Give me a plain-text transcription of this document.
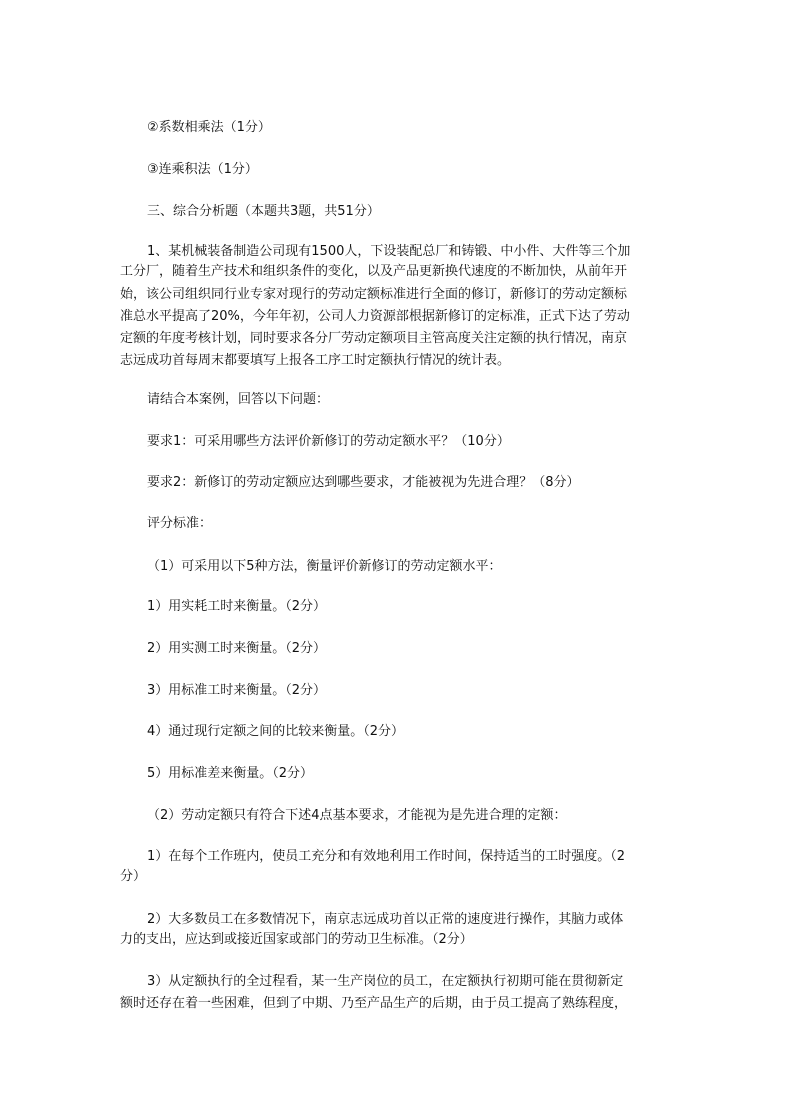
②系数相乘法（1分）
③连乘积法（1分）
三、综合分析题（本题共3题，共51分）
1、某机械装备制造公司现有1500人，下设装配总厂和铸锻、中小件、大件等三个加
工分厂，随着生产技术和组织条件的变化，以及产品更新换代速度的不断加快，从前年开
始，该公司组织同行业专家对现行的劳动定额标准进行全面的修订，新修订的劳动定额标
准总水平提高了20%，今年年初，公司人力资源部根据新修订的定标准，正式下达了劳动
定额的年度考核计划，同时要求各分厂劳动定额项目主管高度关注定额的执行情况，南京
志远成功首每周末都要填写上报各工序工时定额执行情况的统计表。
请结合本案例，回答以下问题：
要求1：可采用哪些方法评价新修订的劳动定额水平？（10分）
要求2：新修订的劳动定额应达到哪些要求，才能被视为先进合理？（8分）
评分标准：
（1）可采用以下5种方法，衡量评价新修订的劳动定额水平：
1）用实耗工时来衡量。（2分）
2）用实测工时来衡量。（2分）
3）用标准工时来衡量。（2分）
4）通过现行定额之间的比较来衡量。（2分）
5）用标准差来衡量。（2分）
（2）劳动定额只有符合下述4点基本要求，才能视为是先进合理的定额：
1）在每个工作班内，使员工充分和有效地利用工作时间，保持适当的工时强度。（2
分）
2）大多数员工在多数情况下，南京志远成功首以正常的速度进行操作，其脑力或体
力的支出，应达到或接近国家或部门的劳动卫生标准。（2分）
3）从定额执行的全过程看，某一生产岗位的员工，在定额执行初期可能在贯彻新定
额时还存在着一些困难，但到了中期、乃至产品生产的后期，由于员工提高了熟练程度，
